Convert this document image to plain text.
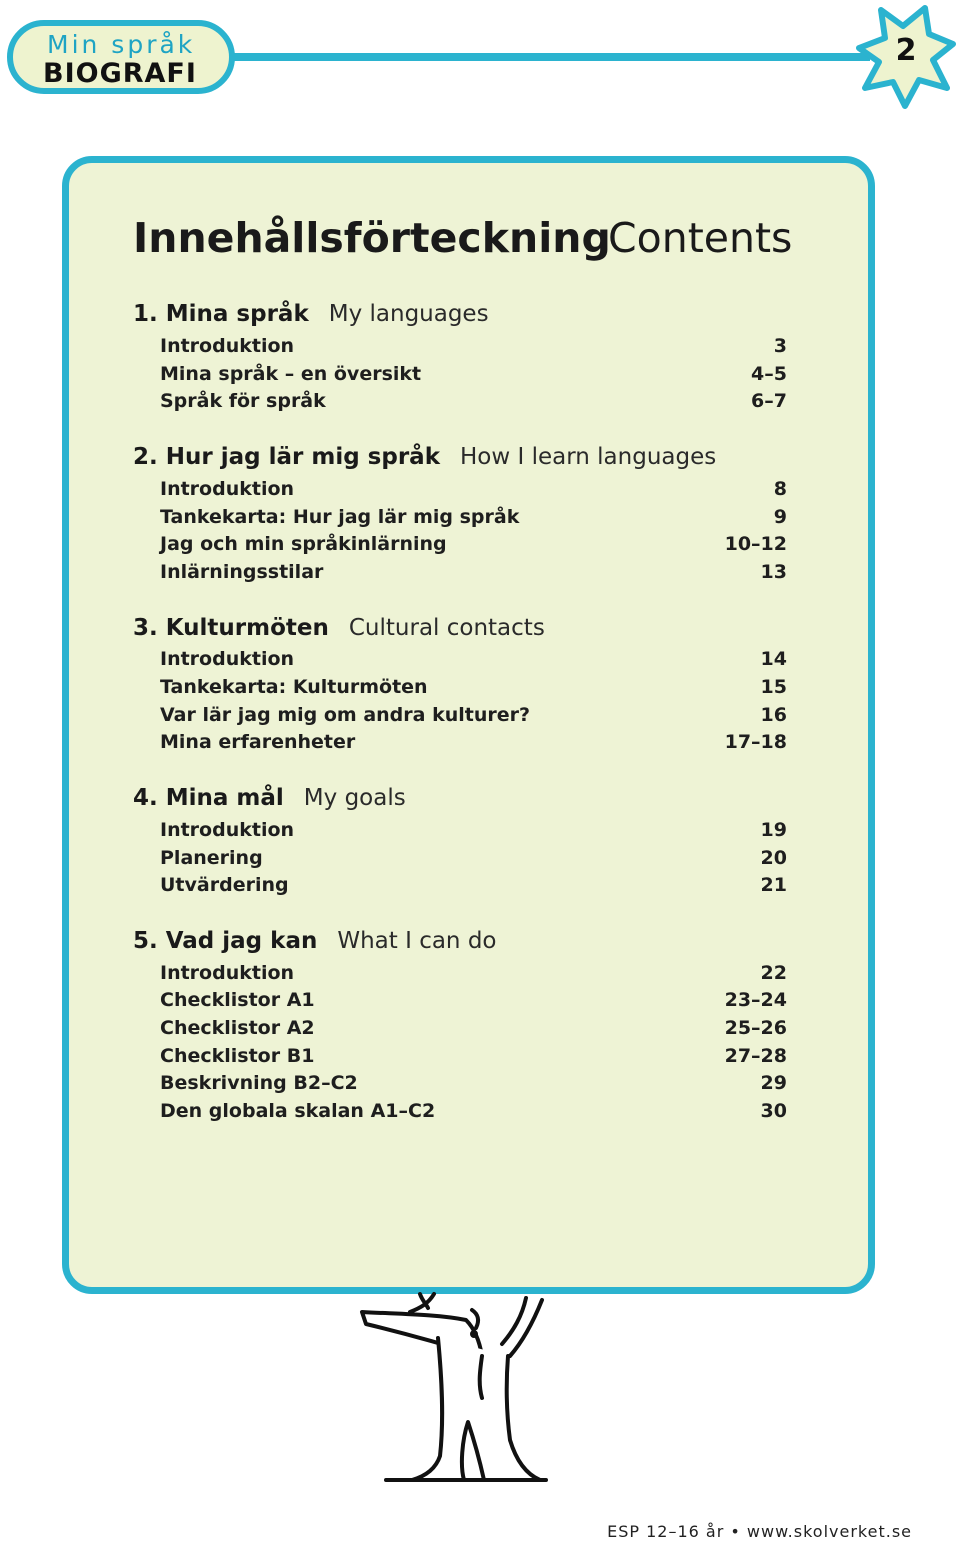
Min språk
BIOGRAFI
2
Innehållsförteckning
Contents
1. Mina språk My languages
Introduktion	3
Mina språk – en översikt	4–5
Språk för språk	6–7
2. Hur jag lär mig språk How I learn languages
Introduktion	8
Tankekarta: Hur jag lär mig språk	9
Jag och min språkinlärning	10–12
Inlärningsstilar	13
3. Kulturmöten Cultural contacts
Introduktion	14
Tankekarta: Kulturmöten	15
Var lär jag mig om andra kulturer?	16
Mina erfarenheter	17–18
4. Mina mål My goals
Introduktion	19
Planering	20
Utvärdering	21
5. Vad jag kan What I can do
Introduktion	22
Checklistor A1	23–24
Checklistor A2	25–26
Checklistor B1	27–28
Beskrivning B2–C2	29
Den globala skalan A1–C2	30
ESP 12–16 år • www.skolverket.se
